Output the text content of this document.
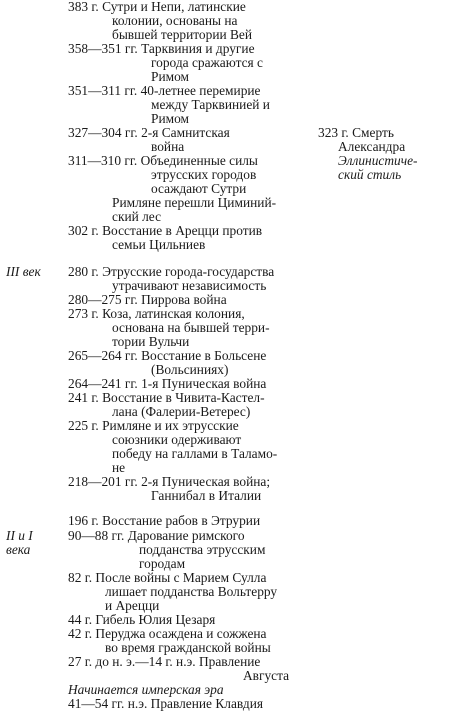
III век
II и I
века
383 г. Сутри и Непи, латинские
колонии, основаны на
бывшей территории Вей
358—351 гг. Тарквиния и другие
города сражаются с
Римом
351—311 гг. 40-летнее перемирие
между Тарквинией и
Римом
327—304 гг. 2-я Самнитская
война
311—310 гг. Объединенные силы
этрусских городов
осаждают Сутри
Римляне перешли Циминий-
ский лес
302 г. Восстание в Арецци против
семьи Цильниев
280 г. Этрусские города-государства
утрачивают независимость
280—275 гг. Пиррова война
273 г. Коза, латинская колония,
основана на бывшей терри-
тории Вульчи
265—264 гг. Восстание в Больсене
(Вольсиниях)
264—241 гг. 1-я Пуническая война
241 г. Восстание в Чивита-Кастел-
лана (Фалерии-Ветерес)
225 г. Римляне и их этрусские
союзники одерживают
победу на галлами в Таламо-
не
218—201 гг. 2-я Пуническая война;
Ганнибал в Италии
196 г. Восстание рабов в Этрурии
90—88 гг. Дарование римского
подданства этрусским
городам
82 г. После войны с Марием Сулла
лишает подданства Вольтерру
и Арецци
44 г. Гибель Юлия Цезаря
42 г. Перуджа осаждена и сожжена
во время гражданской войны
27 г. до н. э.—14 г. н.э. Правление
Августа
Начинается имперская эра
41—54 гг. н.э. Правление Клавдия
323 г. Смерть
Александра
Эллинистиче-
ский стиль
